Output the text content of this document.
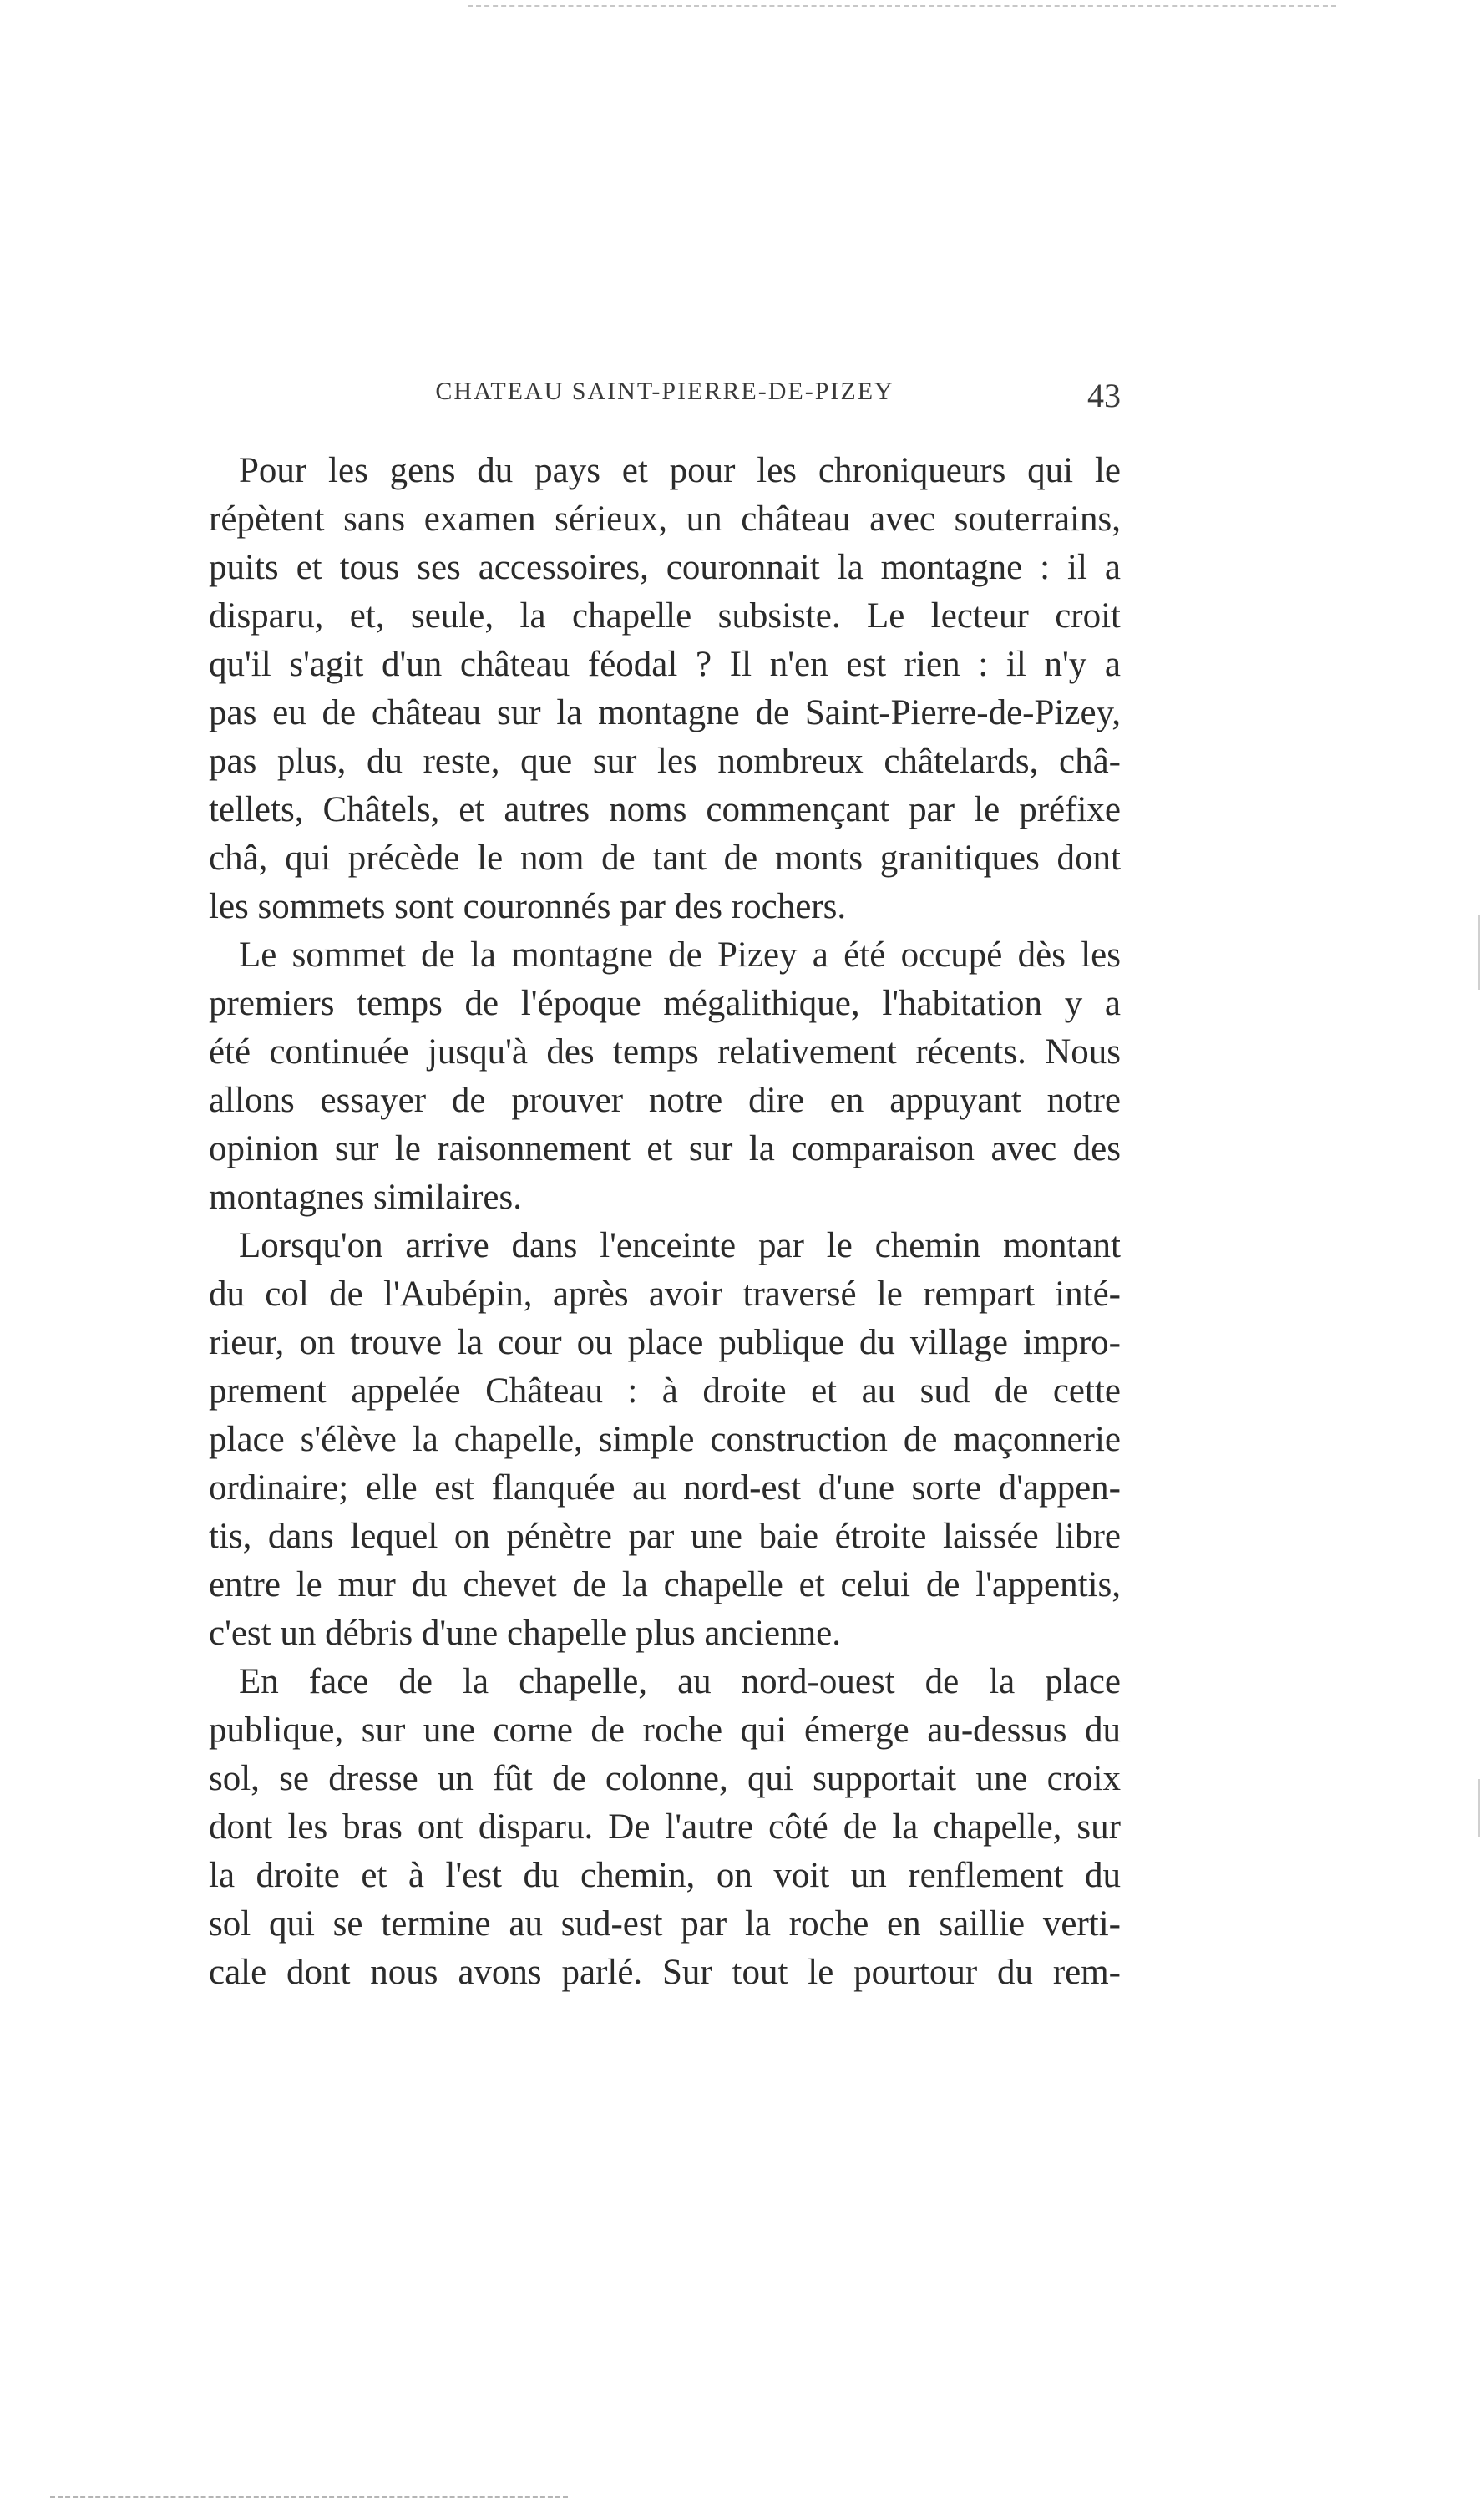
CHATEAU SAINT-PIERRE-DE-PIZEY	43
Pour les gens du pays et pour les chroniqueurs qui le
répètent sans examen sérieux, un château avec souterrains,
puits et tous ses accessoires, couronnait la montagne : il a
disparu, et, seule, la chapelle subsiste. Le lecteur croit
qu'il s'agit d'un château féodal ? Il n'en est rien : il n'y a
pas eu de château sur la montagne de Saint-Pierre-de-Pizey,
pas plus, du reste, que sur les nombreux châtelards, châ-
tellets, Châtels, et autres noms commençant par le préfixe
châ, qui précède le nom de tant de monts granitiques dont
les sommets sont couronnés par des rochers.
Le sommet de la montagne de Pizey a été occupé dès les
premiers temps de l'époque mégalithique, l'habitation y a
été continuée jusqu'à des temps relativement récents. Nous
allons essayer de prouver notre dire en appuyant notre
opinion sur le raisonnement et sur la comparaison avec des
montagnes similaires.
Lorsqu'on arrive dans l'enceinte par le chemin montant
du col de l'Aubépin, après avoir traversé le rempart inté-
rieur, on trouve la cour ou place publique du village impro-
prement appelée Château : à droite et au sud de cette
place s'élève la chapelle, simple construction de maçonnerie
ordinaire; elle est flanquée au nord-est d'une sorte d'appen-
tis, dans lequel on pénètre par une baie étroite laissée libre
entre le mur du chevet de la chapelle et celui de l'appentis,
c'est un débris d'une chapelle plus ancienne.
En face de la chapelle, au nord-ouest de la place
publique, sur une corne de roche qui émerge au-dessus du
sol, se dresse un fût de colonne, qui supportait une croix
dont les bras ont disparu. De l'autre côté de la chapelle, sur
la droite et à l'est du chemin, on voit un renflement du
sol qui se termine au sud-est par la roche en saillie verti-
cale dont nous avons parlé. Sur tout le pourtour du rem-
